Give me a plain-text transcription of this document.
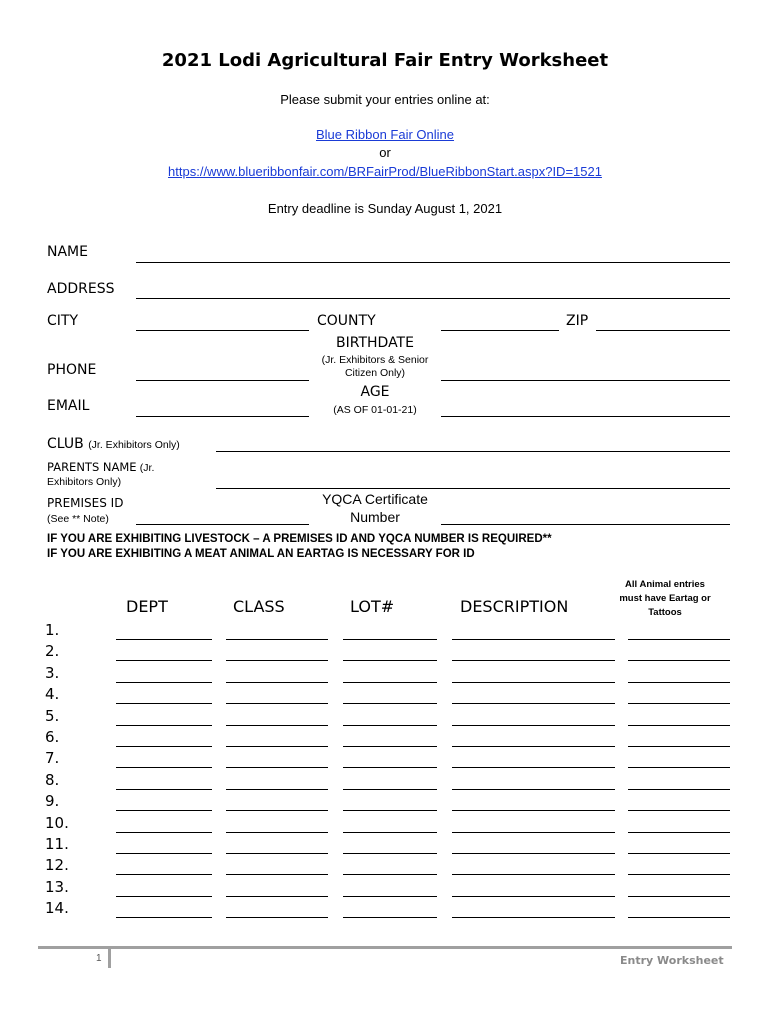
2021 Lodi Agricultural Fair Entry Worksheet
Please submit your entries online at:
Blue Ribbon Fair Online
or
https://www.blueribbonfair.com/BRFairProd/BlueRibbonStart.aspx?ID=1521
Entry deadline is Sunday August 1, 2021
NAME
ADDRESS
CITY	COUNTY	ZIP
BIRTHDATE
(Jr. Exhibitors & Senior
Citizen Only)
PHONE
AGE
(AS OF 01-01-21)
EMAIL
CLUB (Jr. Exhibitors Only)
PARENTS NAME (Jr.
Exhibitors Only)
PREMISES ID
(See ** Note)
YQCA Certificate
Number
IF YOU ARE EXHIBITING LIVESTOCK – A PREMISES ID AND YQCA NUMBER IS REQUIRED**
IF YOU ARE EXHIBITING A MEAT ANIMAL AN EARTAG IS NECESSARY FOR ID
DEPT	CLASS	LOT#	DESCRIPTION
All Animal entries
must have Eartag or
Tattoos
1.
2.
3.
4.
5.
6.
7.
8.
9.
10.
11.
12.
13.
14.
1	Entry Worksheet
